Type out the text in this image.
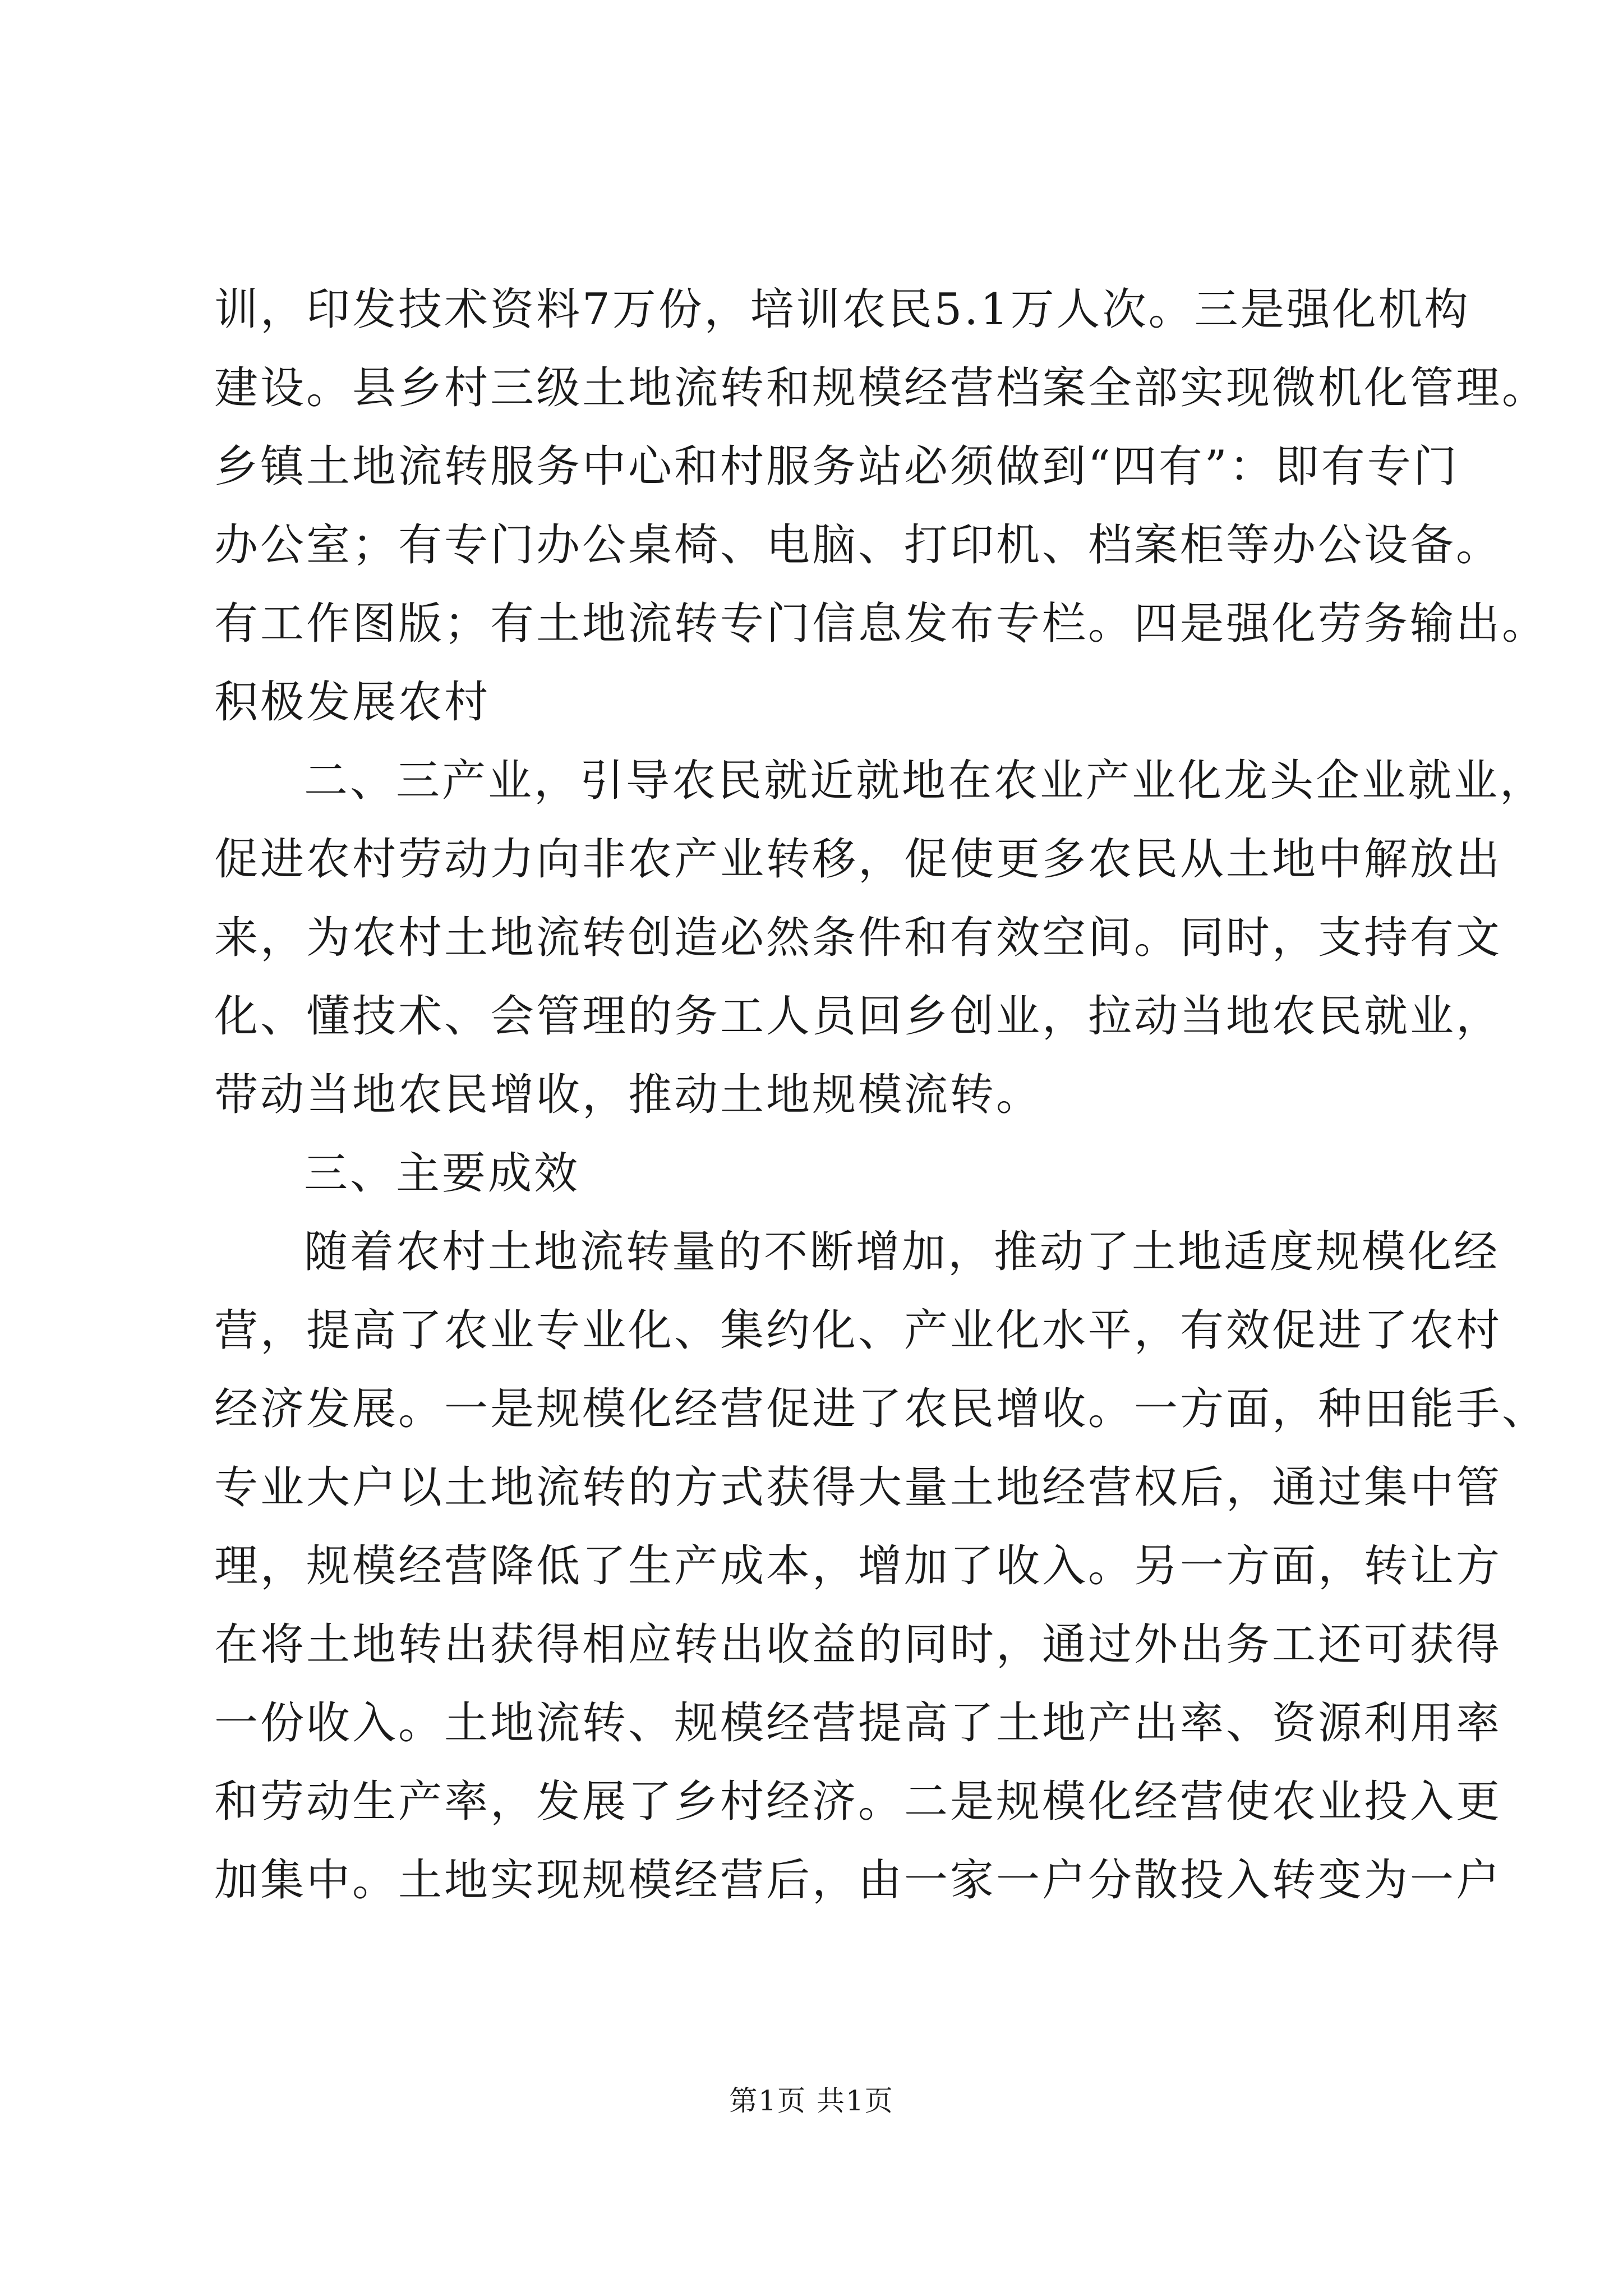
训，印发技术资料7万份，培训农民5.1万人次。三是强化机构
建设。县乡村三级土地流转和规模经营档案全部实现微机化管理。
乡镇土地流转服务中心和村服务站必须做到“四有”：即有专门
办公室；有专门办公桌椅、电脑、打印机、档案柜等办公设备。
有工作图版；有土地流转专门信息发布专栏。四是强化劳务输出。
积极发展农村
二、三产业，引导农民就近就地在农业产业化龙头企业就业，
促进农村劳动力向非农产业转移，促使更多农民从土地中解放出
来，为农村土地流转创造必然条件和有效空间。同时，支持有文
化、懂技术、会管理的务工人员回乡创业，拉动当地农民就业，
带动当地农民增收，推动土地规模流转。
三、主要成效
随着农村土地流转量的不断增加，推动了土地适度规模化经
营，提高了农业专业化、集约化、产业化水平，有效促进了农村
经济发展。一是规模化经营促进了农民增收。一方面，种田能手、
专业大户以土地流转的方式获得大量土地经营权后，通过集中管
理，规模经营降低了生产成本，增加了收入。另一方面，转让方
在将土地转出获得相应转出收益的同时，通过外出务工还可获得
一份收入。土地流转、规模经营提高了土地产出率、资源利用率
和劳动生产率，发展了乡村经济。二是规模化经营使农业投入更
加集中。土地实现规模经营后，由一家一户分散投入转变为一户
第1页 共1页
